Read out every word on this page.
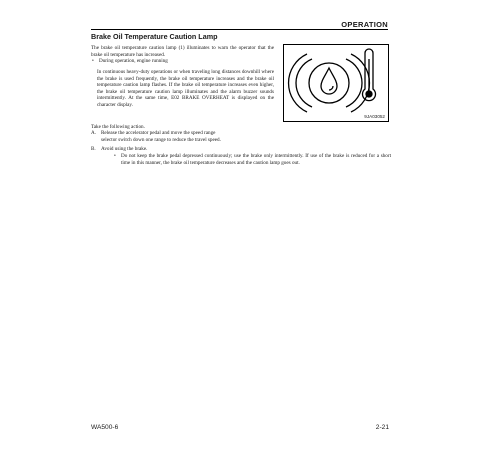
OPERATION
Brake Oil Temperature Caution Lamp
The brake oil temperature caution lamp (1) illuminates to warn the operator that the brake oil temperature has increased.
• During operation, engine running
In continuous heavy-duty operations or when traveling long distances downhill where the brake is used frequently, the brake oil temperature increases and the brake oil temperature caution lamp flashes. If the brake oil temperature increases even higher, the brake oil temperature caution lamp illuminates and the alarm buzzer sounds intermittently. At the same time, E02 BRAKE OVERHEAT is displayed on the character display.
Take the following action.
A. Release the accelerator pedal and move the speed range selector switch down one range to reduce the travel speed.
B. Avoid using the brake.
• Do not keep the brake pedal depressed continuously; use the brake only intermittently. If use of the brake is reduced for a short time in this manner, the brake oil temperature decreases and the caution lamp goes out.
9JA03052
WA500-6	2-21
